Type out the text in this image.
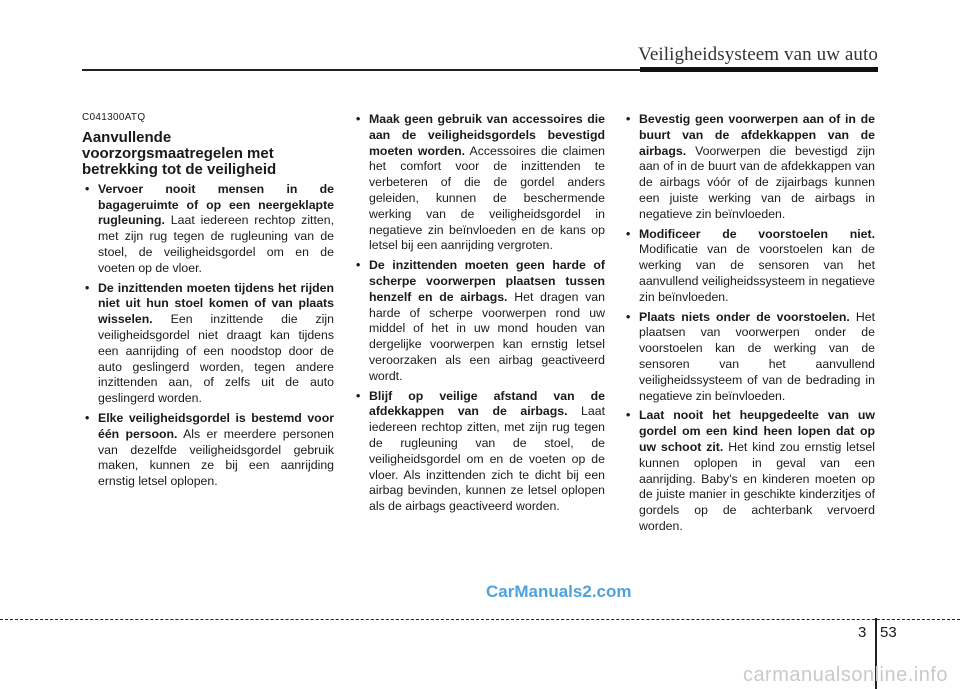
Veiligheidsysteem van uw auto
C041300ATQ
Aanvullende voorzorgsmaatregelen met betrekking tot de veiligheid
• Vervoer nooit mensen in de bagageruimte of op een neergeklapte rugleuning. Laat iedereen rechtop zitten, met zijn rug tegen de rugleuning van de stoel, de veiligheidsgordel om en de voeten op de vloer.
• De inzittenden moeten tijdens het rijden niet uit hun stoel komen of van plaats wisselen. Een inzittende die zijn veiligheidsgordel niet draagt kan tijdens een aanrijding of een noodstop door de auto geslingerd worden, tegen andere inzittenden aan, of zelfs uit de auto geslingerd worden.
• Elke veiligheidsgordel is bestemd voor één persoon. Als er meerdere personen van dezelfde veiligheidsgordel gebruik maken, kunnen ze bij een aanrijding ernstig letsel oplopen.
• Maak geen gebruik van accessoires die aan de veiligheidsgordels bevestigd moeten worden. Accessoires die claimen het comfort voor de inzittenden te verbeteren of die de gordel anders geleiden, kunnen de beschermende werking van de veiligheidsgordel in negatieve zin beïnvloeden en de kans op letsel bij een aanrijding vergroten.
• De inzittenden moeten geen harde of scherpe voorwerpen plaatsen tussen henzelf en de airbags. Het dragen van harde of scherpe voorwerpen rond uw middel of het in uw mond houden van dergelijke voorwerpen kan ernstig letsel veroorzaken als een airbag geactiveerd wordt.
• Blijf op veilige afstand van de afdekkappen van de airbags. Laat iedereen rechtop zitten, met zijn rug tegen de rugleuning van de stoel, de veiligheidsgordel om en de voeten op de vloer. Als inzittenden zich te dicht bij een airbag bevinden, kunnen ze letsel oplopen als de airbags geactiveerd worden.
• Bevestig geen voorwerpen aan of in de buurt van de afdekkappen van de airbags. Voorwerpen die bevestigd zijn aan of in de buurt van de afdekkappen van de airbags vóór of de zijairbags kunnen een juiste werking van de airbags in negatieve zin beïnvloeden.
• Modificeer de voorstoelen niet. Modificatie van de voorstoelen kan de werking van de sensoren van het aanvullend veiligheidssysteem in negatieve zin beïnvloeden.
• Plaats niets onder de voorstoelen. Het plaatsen van voorwerpen onder de voorstoelen kan de werking van de sensoren van het aanvullend veiligheidssysteem of van de bedrading in negatieve zin beïnvloeden.
• Laat nooit het heupgedeelte van uw gordel om een kind heen lopen dat op uw schoot zit. Het kind zou ernstig letsel kunnen oplopen in geval van een aanrijding. Baby's en kinderen moeten op de juiste manier in geschikte kinderzitjes of gordels op de achterbank vervoerd worden.
CarManuals2.com
3 53
carmanualsonline.info
